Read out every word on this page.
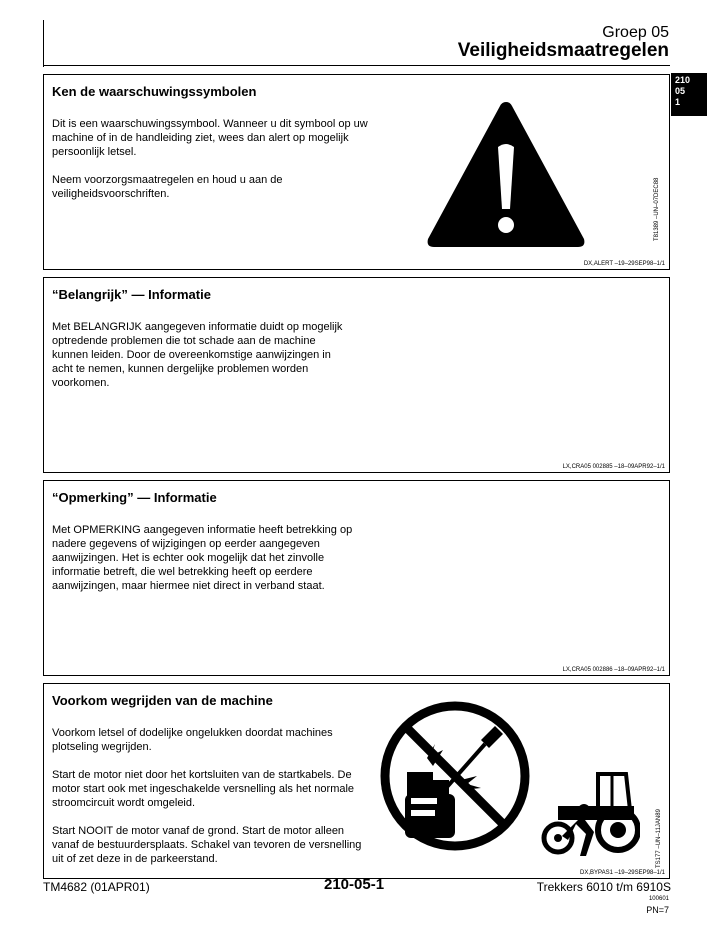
Groep 05
Veiligheidsmaatregelen
210
05
1
Ken de waarschuwingssymbolen

Dit is een waarschuwingssymbool. Wanneer u dit symbool op uw machine of in de handleiding ziet, wees dan alert op mogelijk persoonlijk letsel.

Neem voorzorgsmaatregelen en houd u aan de veiligheidsvoorschriften.	T81389 –UN–07DEC88
DX,ALERT –19–29SEP98–1/1
“Belangrijk” — Informatie

Met BELANGRIJK aangegeven informatie duidt op mogelijk optredende problemen die tot schade aan de machine kunnen leiden. Door de overeenkomstige aanwijzingen in acht te nemen, kunnen dergelijke problemen worden voorkomen.

LX,CRA05 002885 –18–09APR92–1/1
“Opmerking” — Informatie

Met OPMERKING aangegeven informatie heeft betrekking op nadere gegevens of wijzigingen op eerder aangegeven aanwijzingen. Het is echter ook mogelijk dat het zinvolle informatie betreft, die wel betrekking heeft op eerdere aanwijzingen, maar hiermee niet direct in verband staat.

LX,CRA05 002886 –18–09APR92–1/1
Voorkom wegrijden van de machine

Voorkom letsel of dodelijke ongelukken doordat machines plotseling wegrijden.

Start de motor niet door het kortsluiten van de startkabels. De motor start ook met ingeschakelde versnelling als het normale stroomcircuit wordt omgeleid.

Start NOOIT de motor vanaf de grond. Start de motor alleen vanaf de bestuurdersplaats. Schakel van tevoren de versnelling uit of zet deze in de parkeerstand.	TS177 –UN–11JAN89
DX,BYPAS1 –19–29SEP98–1/1
TM4682 (01APR01)	210-05-1	Trekkers 6010 t/m 6910S
100601
PN=7
